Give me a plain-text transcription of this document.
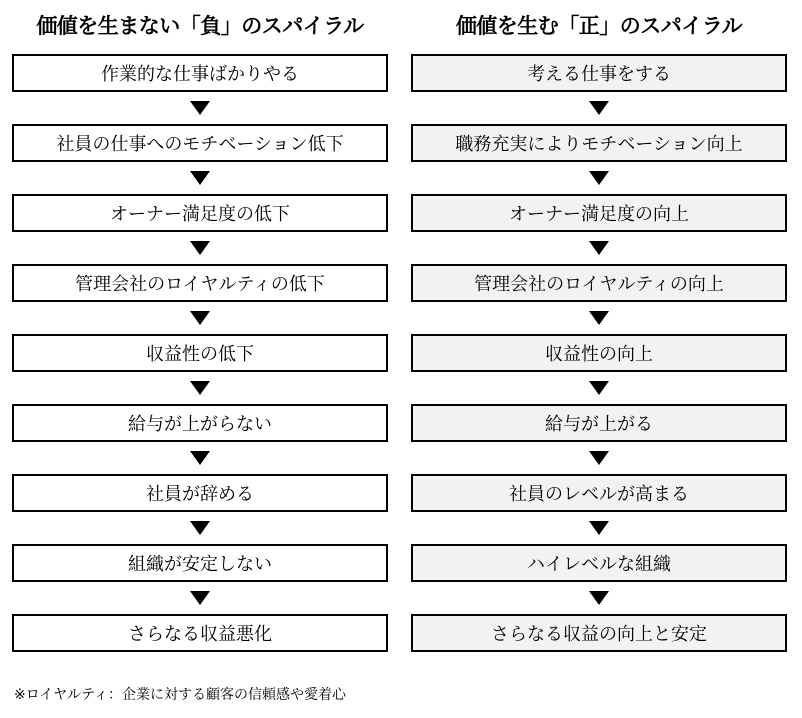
価値を生まない「負」のスパイラル
作業的な仕事ばかりやる
社員の仕事へのモチベーション低下
オーナー満足度の低下
管理会社のロイヤルティの低下
収益性の低下
給与が上がらない
社員が辞める
組織が安定しない
さらなる収益悪化
価値を生む「正」のスパイラル
考える仕事をする
職務充実によりモチベーション向上
オーナー満足度の向上
管理会社のロイヤルティの向上
収益性の向上
給与が上がる
社員のレベルが高まる
ハイレベルな組織
さらなる収益の向上と安定
※ロイヤルティ：企業に対する顧客の信頼感や愛着心
